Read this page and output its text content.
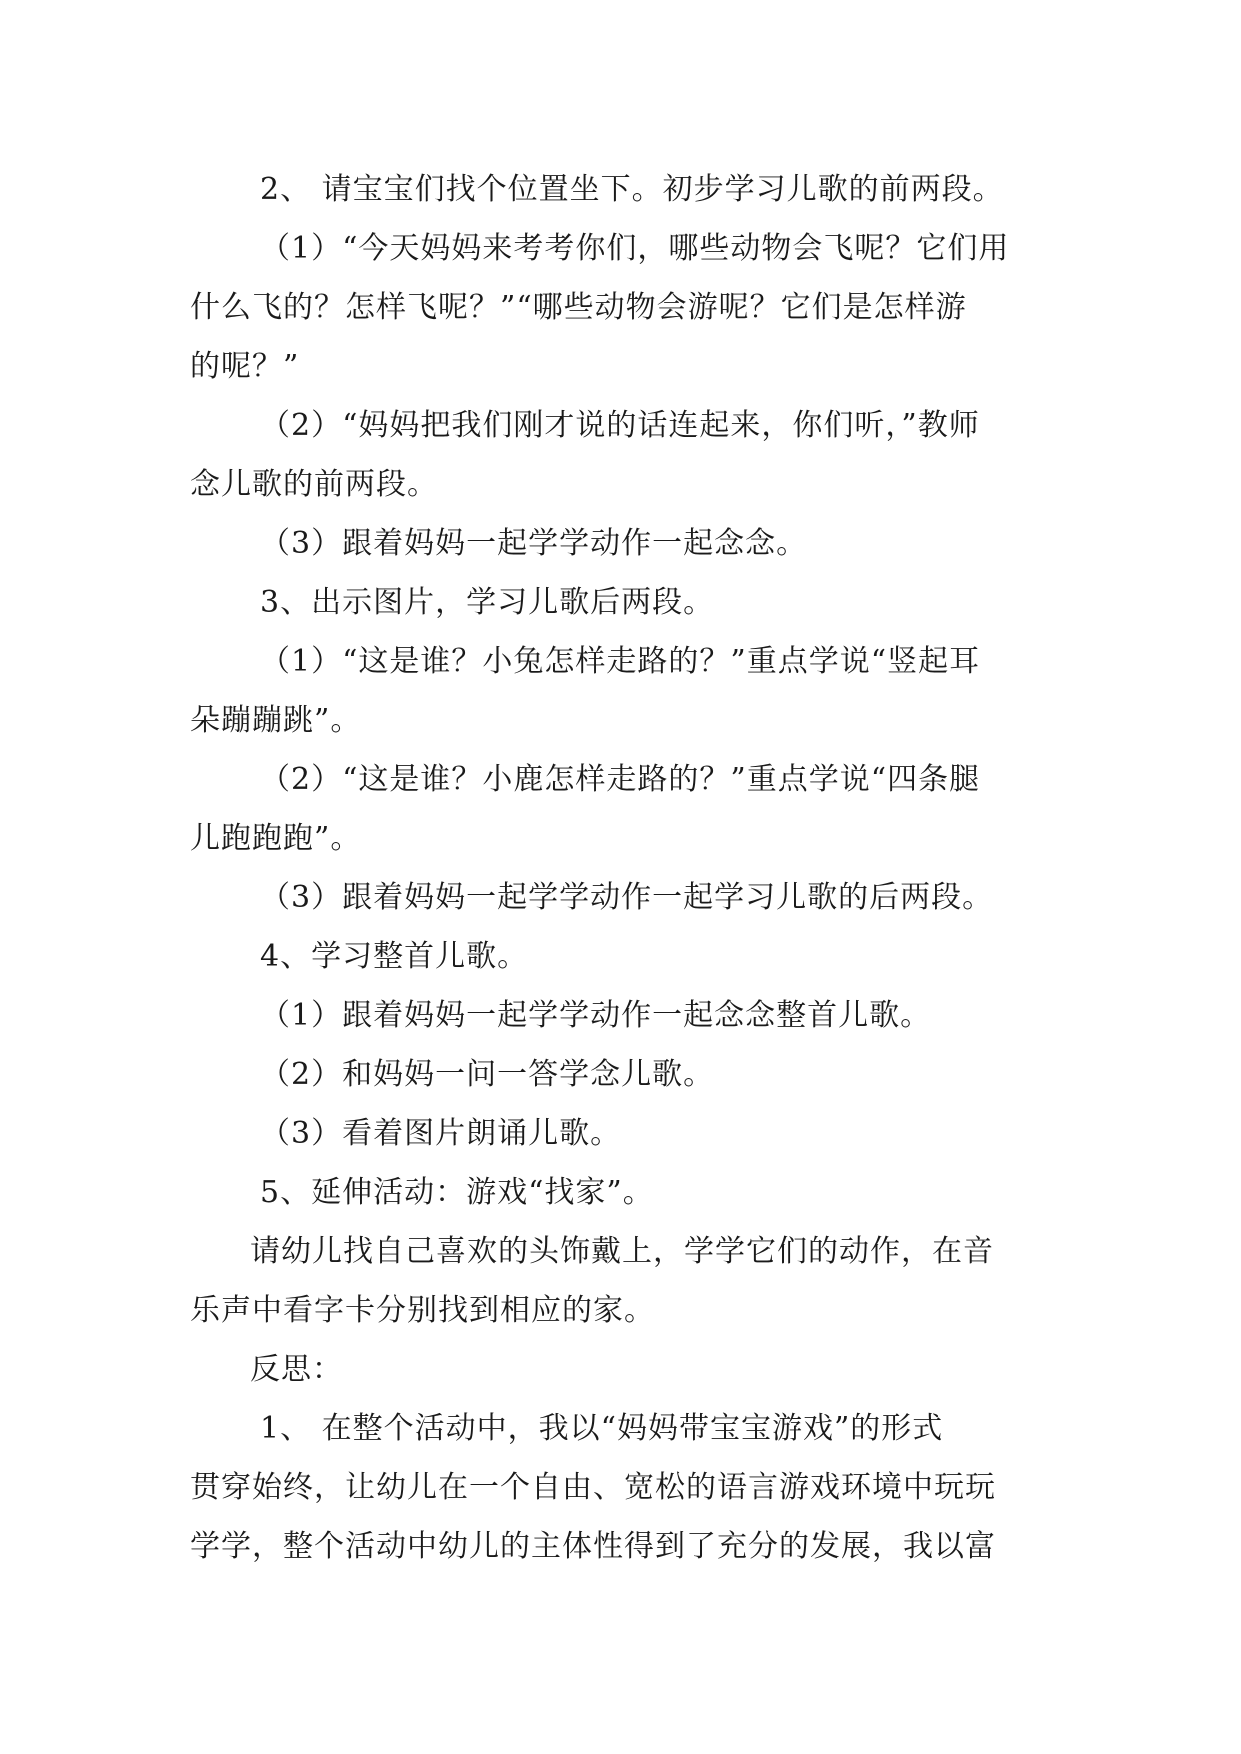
2、 请宝宝们找个位置坐下。初步学习儿歌的前两段。
（1）“今天妈妈来考考你们，哪些动物会飞呢？它们用
什么飞的？怎样飞呢？”“哪些动物会游呢？它们是怎样游
的呢？”
（2）“妈妈把我们刚才说的话连起来，你们听，”教师
念儿歌的前两段。
（3）跟着妈妈一起学学动作一起念念。
3、出示图片，学习儿歌后两段。
（1）“这是谁？小兔怎样走路的？”重点学说“竖起耳
朵蹦蹦跳”。
（2）“这是谁？小鹿怎样走路的？”重点学说“四条腿
儿跑跑跑”。
（3）跟着妈妈一起学学动作一起学习儿歌的后两段。
4、学习整首儿歌。
（1）跟着妈妈一起学学动作一起念念整首儿歌。
（2）和妈妈一问一答学念儿歌。
（3）看着图片朗诵儿歌。
5、延伸活动：游戏“找家”。
请幼儿找自己喜欢的头饰戴上，学学它们的动作，在音
乐声中看字卡分别找到相应的家。
反思：
1、 在整个活动中，我以“妈妈带宝宝游戏”的形式
贯穿始终，让幼儿在一个自由、宽松的语言游戏环境中玩玩
学学，整个活动中幼儿的主体性得到了充分的发展，我以富
